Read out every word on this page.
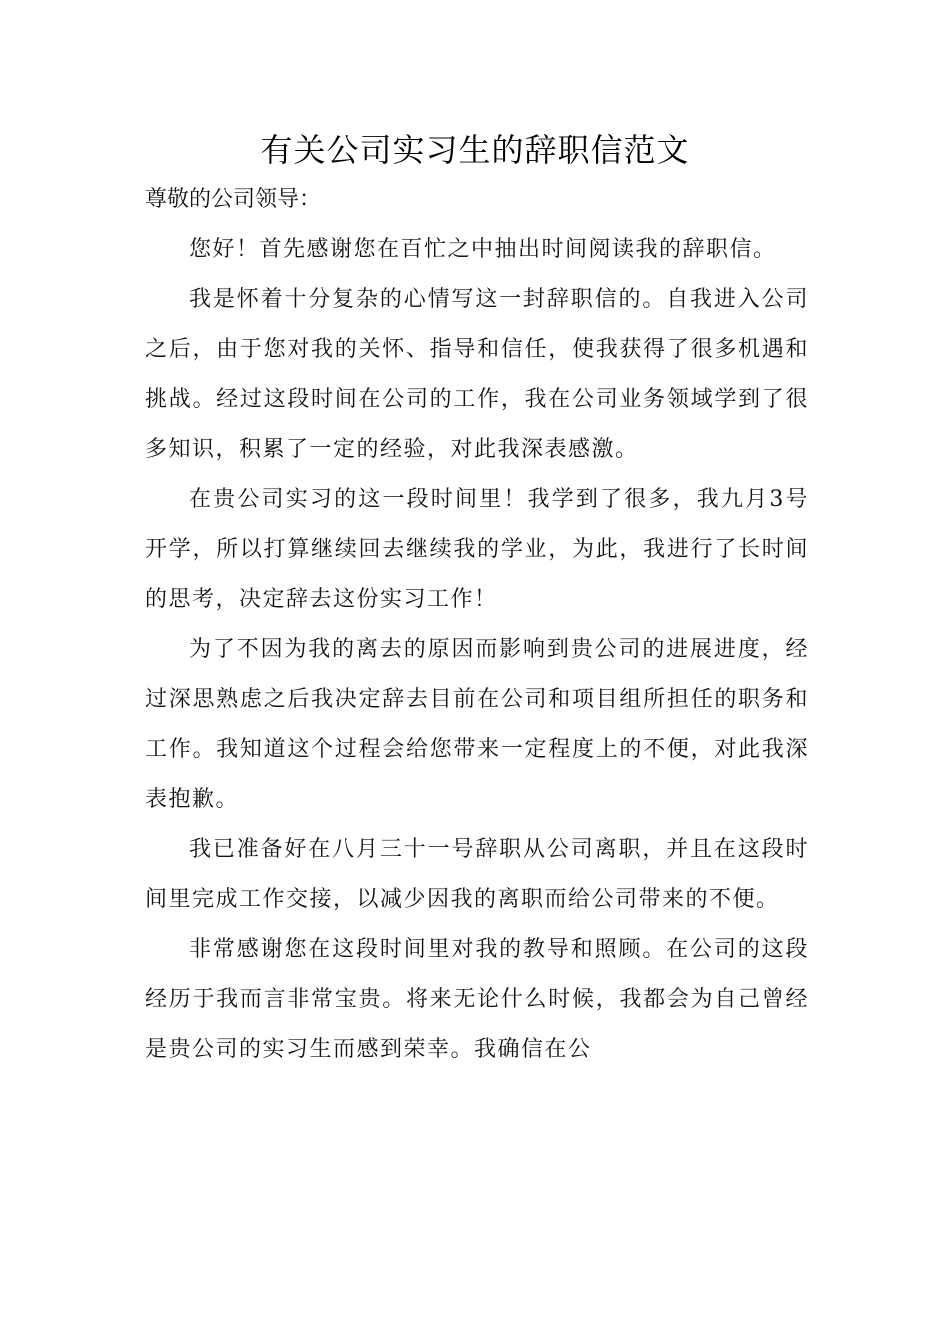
有关公司实习生的辞职信范文

尊敬的公司领导：

您好！首先感谢您在百忙之中抽出时间阅读我的辞职信。

我是怀着十分复杂的心情写这一封辞职信的。自我进入公司之后，由于您对我的关怀、指导和信任，使我获得了很多机遇和挑战。经过这段时间在公司的工作，我在公司业务领域学到了很多知识，积累了一定的经验，对此我深表感激。

在贵公司实习的这一段时间里！我学到了很多，我九月3号开学，所以打算继续回去继续我的学业，为此，我进行了长时间的思考，决定辞去这份实习工作！

为了不因为我的离去的原因而影响到贵公司的进展进度，经过深思熟虑之后我决定辞去目前在公司和项目组所担任的职务和工作。我知道这个过程会给您带来一定程度上的不便，对此我深表抱歉。

我已准备好在八月三十一号辞职从公司离职，并且在这段时间里完成工作交接，以减少因我的离职而给公司带来的不便。

非常感谢您在这段时间里对我的教导和照顾。在公司的这段经历于我而言非常宝贵。将来无论什么时候，我都会为自己曾经是贵公司的实习生而感到荣幸。我确信在公
